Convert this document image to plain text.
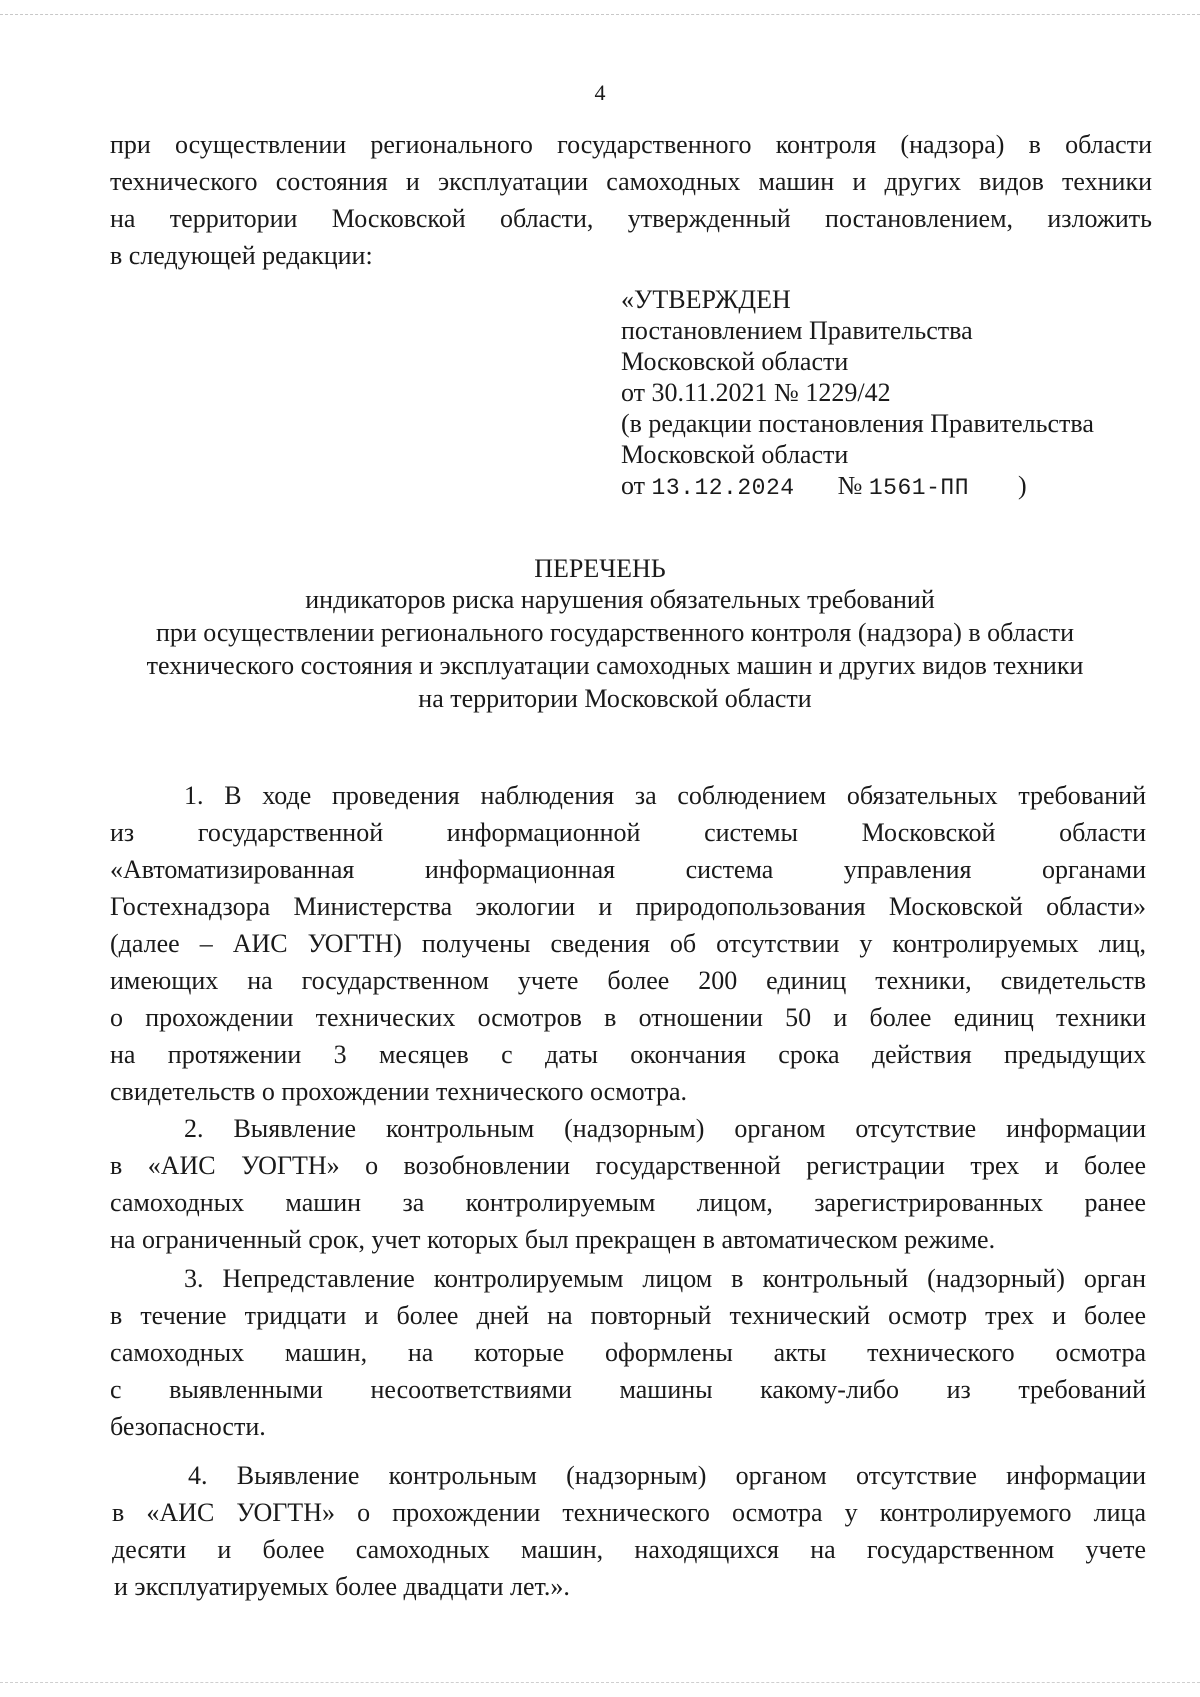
4
при осуществлении регионального государственного контроля (надзора) в области
технического состояния и эксплуатации самоходных машин и других видов техники
на территории Московской области, утвержденный постановлением, изложить
в следующей редакции:
«УТВЕРЖДЕН
постановлением Правительства
Московской области
от 30.11.2021 № 1229/42
(в редакции постановления Правительства
Московской области
от 13.12.2024 № 1561-ПП )
ПЕРЕЧЕНЬ
индикаторов риска нарушения обязательных требований
при осуществлении регионального государственного контроля (надзора) в области
технического состояния и эксплуатации самоходных машин и других видов техники
на территории Московской области
1. В ходе проведения наблюдения за соблюдением обязательных требований
из государственной информационной системы Московской области
«Автоматизированная информационная система управления органами
Гостехнадзора Министерства экологии и природопользования Московской области»
(далее – АИС УОГТН) получены сведения об отсутствии у контролируемых лиц,
имеющих на государственном учете более 200 единиц техники, свидетельств
о прохождении технических осмотров в отношении 50 и более единиц техники
на протяжении 3 месяцев с даты окончания срока действия предыдущих
свидетельств о прохождении технического осмотра.
2. Выявление контрольным (надзорным) органом отсутствие информации
в «АИС УОГТН» о возобновлении государственной регистрации трех и более
самоходных машин за контролируемым лицом, зарегистрированных ранее
на ограниченный срок, учет которых был прекращен в автоматическом режиме.
3. Непредставление контролируемым лицом в контрольный (надзорный) орган
в течение тридцати и более дней на повторный технический осмотр трех и более
самоходных машин, на которые оформлены акты технического осмотра
с выявленными несоответствиями машины какому-либо из требований
безопасности.
4. Выявление контрольным (надзорным) органом отсутствие информации
в «АИС УОГТН» о прохождении технического осмотра у контролируемого лица
десяти и более самоходных машин, находящихся на государственном учете
и эксплуатируемых более двадцати лет.».
